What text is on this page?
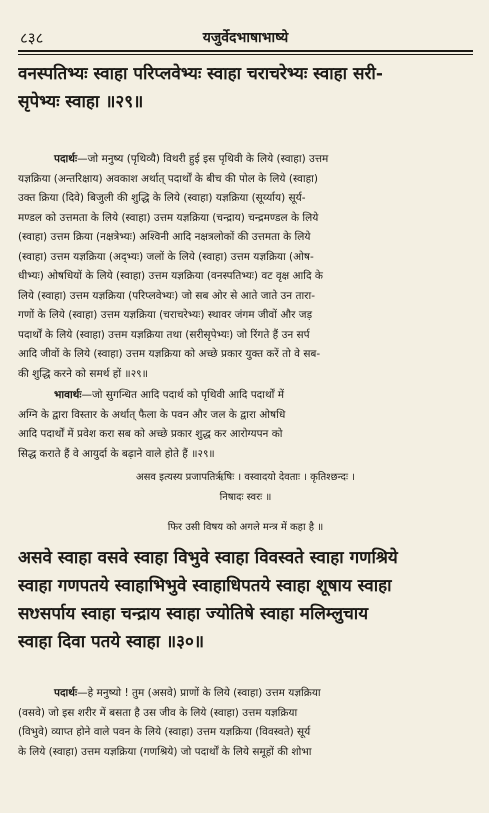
८३८	यजुर्वेदभाषाभाष्ये
वनस्पतिभ्यः स्वाहा परिप्लवेभ्यः स्वाहा चराचरेभ्यः स्वाहा सरी-
सृपेभ्यः स्वाहा ॥२९॥
पदार्थः—जो मनुष्य (पृथिव्यै) विथरी हुई इस पृथिवी के लिये (स्वाहा) उत्तम
यज्ञक्रिया (अन्तरिक्षाय) अवकाश अर्थात् पदार्थों के बीच की पोल के लिये (स्वाहा)
उक्त क्रिया (दिवे) बिजुली की शुद्धि के लिये (स्वाहा) यज्ञक्रिया (सूर्य्याय) सूर्य-
मण्डल को उत्तमता के लिये (स्वाहा) उत्तम यज्ञक्रिया (चन्द्राय) चन्द्रमण्डल के लिये
(स्वाहा) उत्तम क्रिया (नक्षत्रेभ्यः) अश्विनी आदि नक्षत्रलोकों की उत्तमता के लिये
(स्वाहा) उत्तम यज्ञक्रिया (अद्भ्यः) जलों के लिये (स्वाहा) उत्तम यज्ञक्रिया (ओष-
धीभ्यः) ओषधियों के लिये (स्वाहा) उत्तम यज्ञक्रिया (वनस्पतिभ्यः) वट वृक्ष आदि के
लिये (स्वाहा) उत्तम यज्ञक्रिया (परिप्लवेभ्यः) जो सब ओर से आते जाते उन तारा-
गणों के लिये (स्वाहा) उत्तम यज्ञक्रिया (चराचरेभ्यः) स्थावर जंगम जीवों और जड़
पदार्थों के लिये (स्वाहा) उत्तम यज्ञक्रिया तथा (सरीसृपेभ्यः) जो रिंगते हैं उन सर्प
आदि जीवों के लिये (स्वाहा) उत्तम यज्ञक्रिया को अच्छे प्रकार युक्त करें तो वे सब-
की शुद्धि करने को समर्थ हों ॥२९॥
भावार्थः—जो सुगन्धित आदि पदार्थ को पृथिवी आदि पदार्थों में
अग्नि के द्वारा विस्तार के अर्थात् फैला के पवन और जल के द्वारा ओषधि
आदि पदार्थों में प्रवेश करा सब को अच्छे प्रकार शुद्ध कर आरोग्यपन को
सिद्ध कराते हैं वे आयुर्दा के बढ़ाने वाले होते हैं ॥२९॥
असव इत्यस्य प्रजापतिर्ऋषिः । वस्वादयो देवताः । कृतिश्छन्दः ।
निषादः स्वरः ॥
फिर उसी विषय को अगले मन्त्र में कहा है ॥
असवे स्वाहा वसवे स्वाहा विभुवे स्वाहा विवस्वते स्वाहा गणश्रिये
स्वाहा गणपतये स्वाहाभिभुवे स्वाहाधिपतये स्वाहा शूषाय स्वाहा
सᳪसर्पाय स्वाहा चन्द्राय स्वाहा ज्योतिषे स्वाहा मलिम्लुचाय
स्वाहा दिवा पतये स्वाहा ॥३०॥
पदार्थः—हे मनुष्यो ! तुम (असवे) प्राणों के लिये (स्वाहा) उत्तम यज्ञक्रिया
(वसवे) जो इस शरीर में बसता है उस जीव के लिये (स्वाहा) उत्तम यज्ञक्रिया
(विभुवे) व्याप्त होने वाले पवन के लिये (स्वाहा) उत्तम यज्ञक्रिया (विवस्वते) सूर्य
के लिये (स्वाहा) उत्तम यज्ञक्रिया (गणश्रिये) जो पदार्थों के लिये समूहों की शोभा
